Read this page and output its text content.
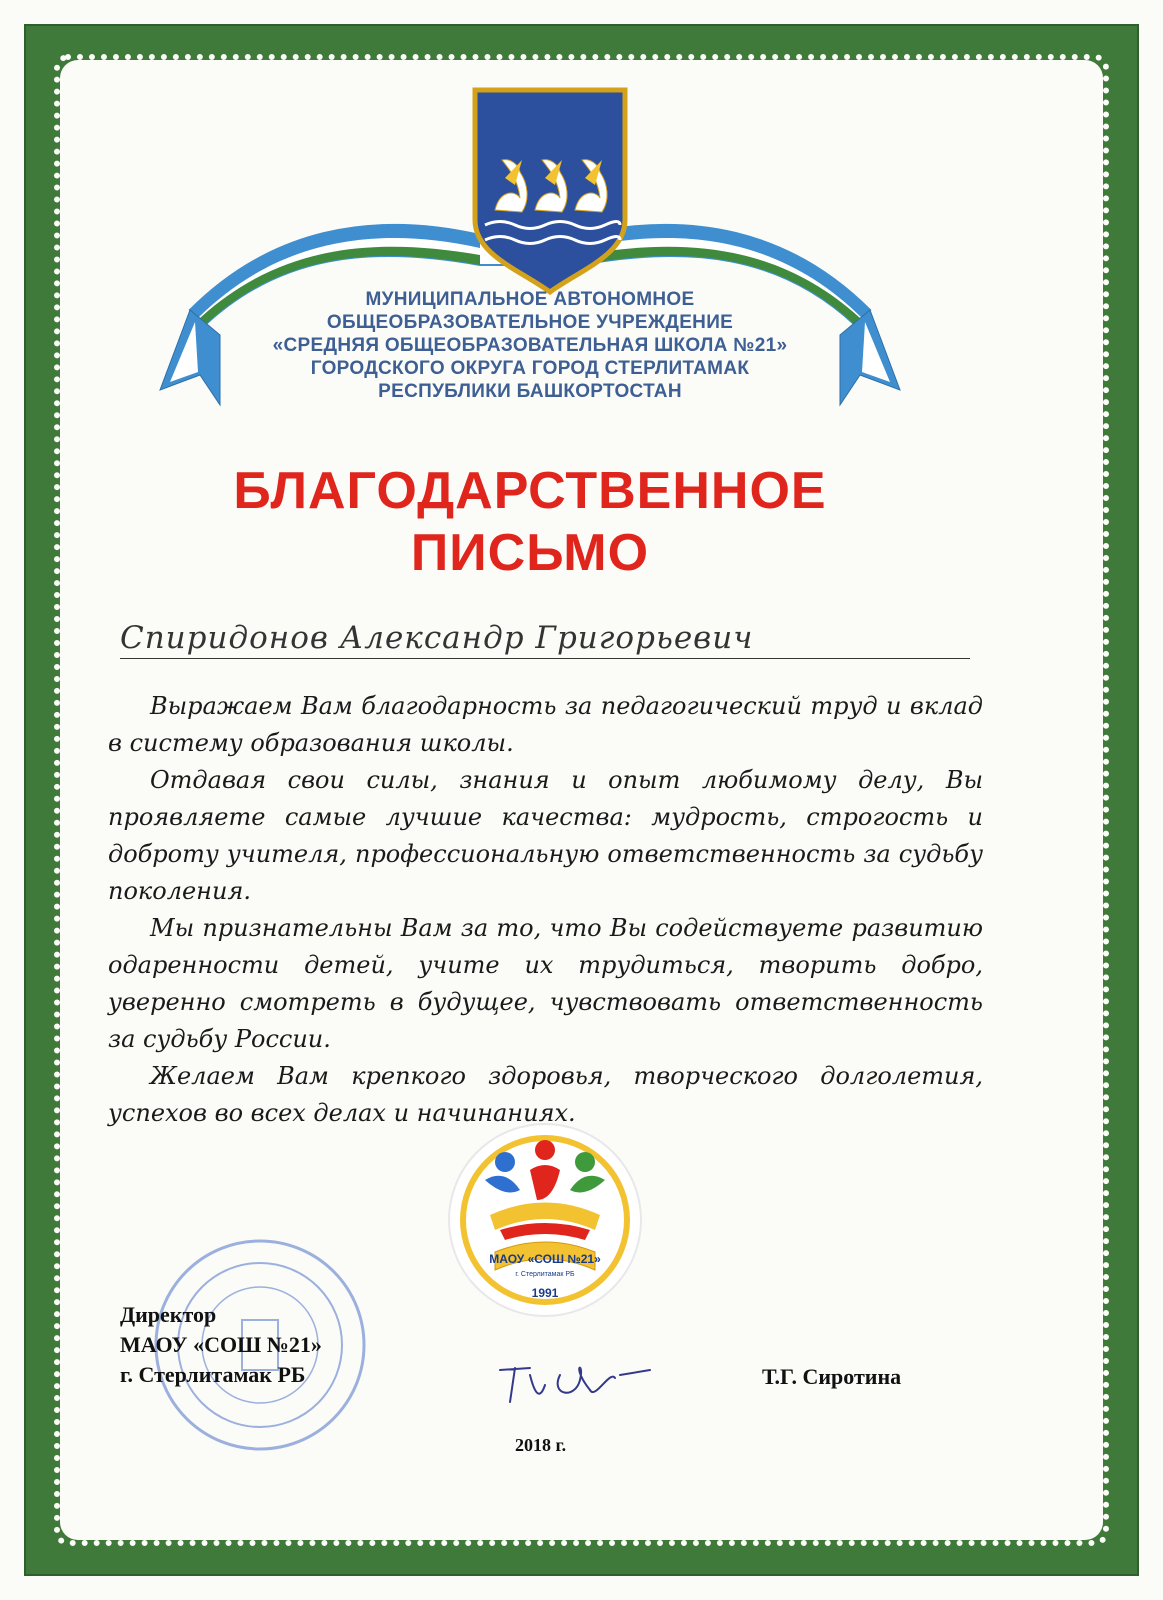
МУНИЦИПАЛЬНОЕ АВТОНОМНОЕ
ОБЩЕОБРАЗОВАТЕЛЬНОЕ УЧРЕЖДЕНИЕ
«СРЕДНЯЯ ОБЩЕОБРАЗОВАТЕЛЬНАЯ ШКОЛА №21»
ГОРОДСКОГО ОКРУГА ГОРОД СТЕРЛИТАМАК
РЕСПУБЛИКИ БАШКОРТОСТАН
БЛАГОДАРСТВЕННОЕ
ПИСЬМО
Спиридонов Александр Григорьевич

Выражаем Вам благодарность за педагогический труд и вклад в систему образования школы.

Отдавая свои силы, знания и опыт любимому делу, Вы проявляете самые лучшие качества: мудрость, строгость и доброту учителя, профессиональную ответственность за судьбу поколения.

Мы признательны Вам за то, что Вы содействуете развитию одаренности детей, учите их трудиться, творить добро, уверенно смотреть в будущее, чувствовать ответственность за судьбу России.

Желаем Вам крепкого здоровья, творческого долголетия, успехов во всех делах и начинаниях.

МАОУ «СОШ №21»
г. Стерлитамак РБ
1991
Директор
МАОУ «СОШ №21»
г. Стерлитамак РБ	Т.Г. Сиротина
2018 г.
